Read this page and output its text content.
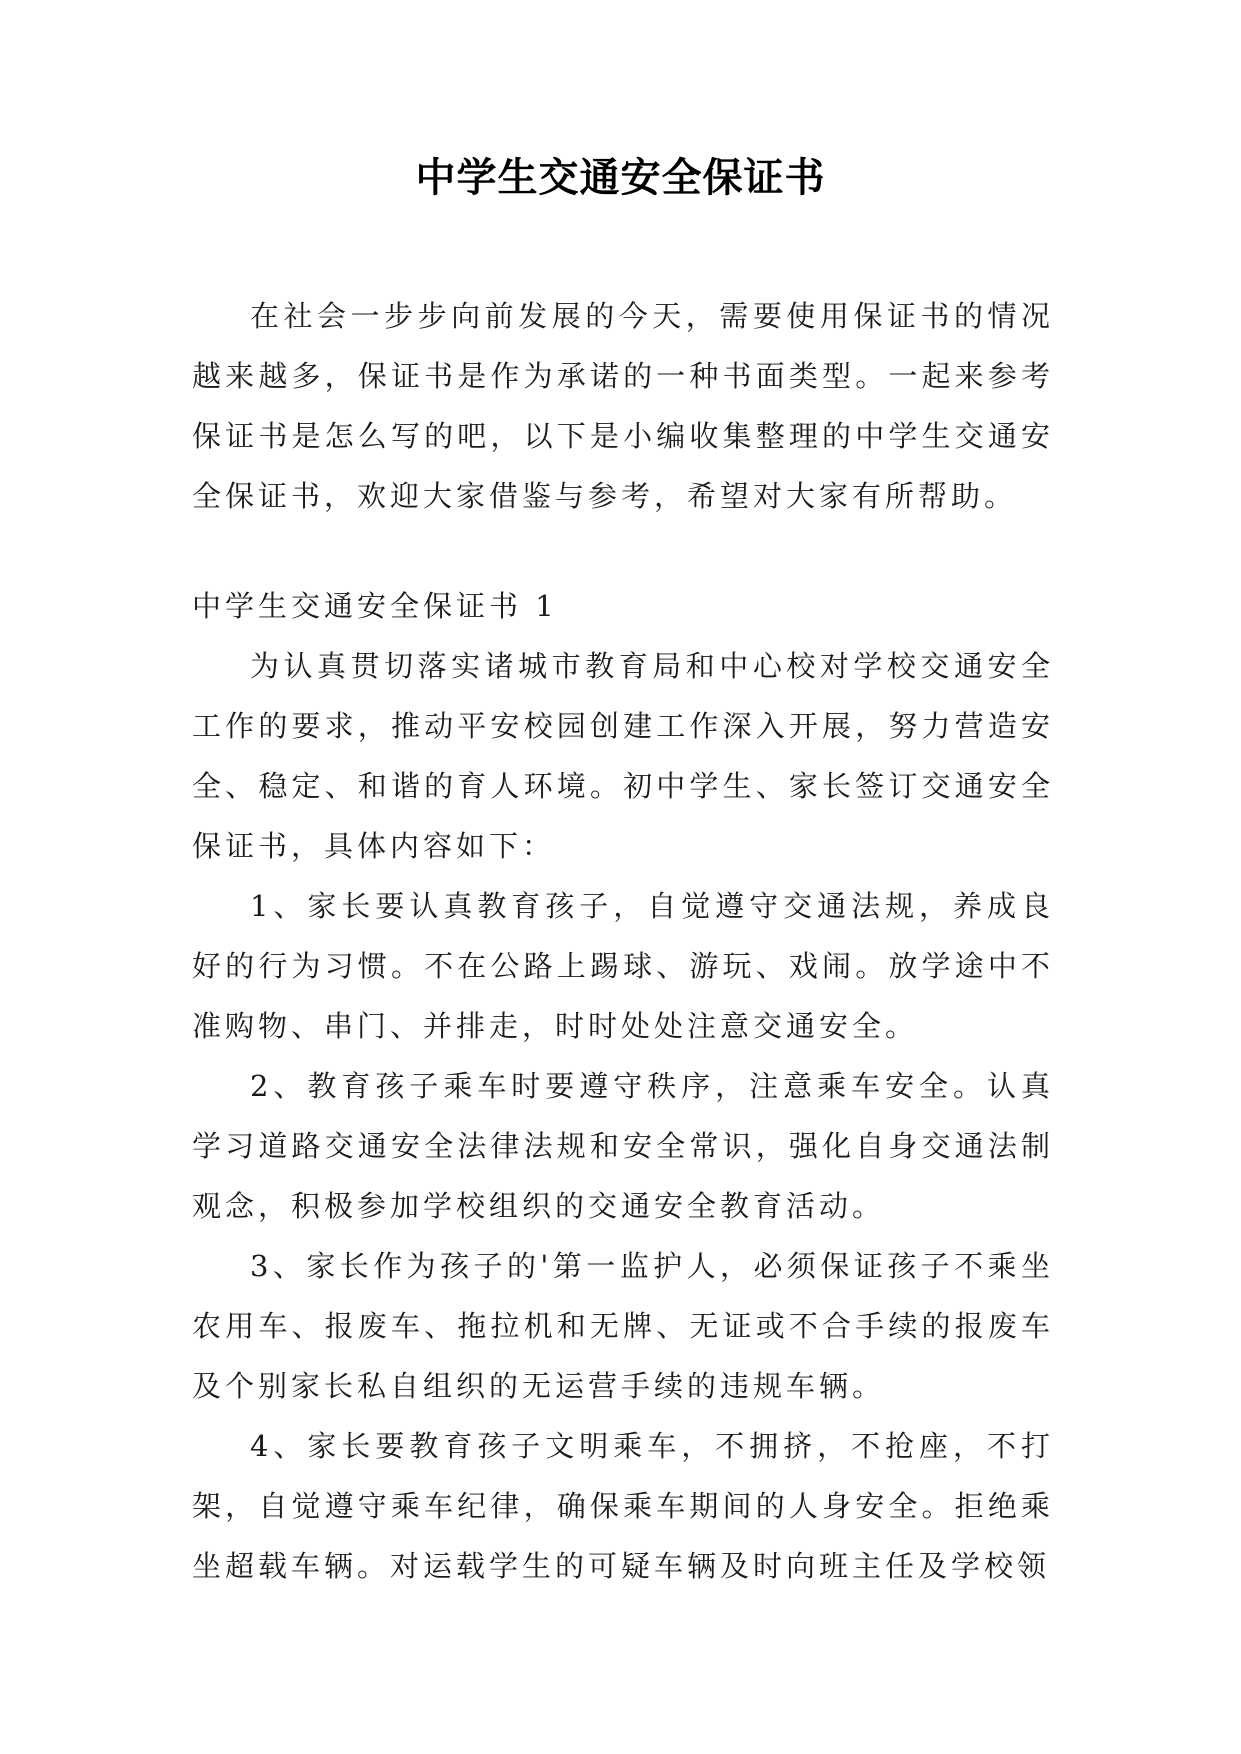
中学生交通安全保证书

在社会一步步向前发展的今天，需要使用保证书的情况越来越多，保证书是作为承诺的一种书面类型。一起来参考保证书是怎么写的吧，以下是小编收集整理的中学生交通安全保证书，欢迎大家借鉴与参考，希望对大家有所帮助。

中学生交通安全保证书 1

为认真贯切落实诸城市教育局和中心校对学校交通安全工作的要求，推动平安校园创建工作深入开展，努力营造安全、稳定、和谐的育人环境。初中学生、家长签订交通安全保证书，具体内容如下：

1、家长要认真教育孩子，自觉遵守交通法规，养成良好的行为习惯。不在公路上踢球、游玩、戏闹。放学途中不准购物、串门、并排走，时时处处注意交通安全。

2、教育孩子乘车时要遵守秩序，注意乘车安全。认真学习道路交通安全法律法规和安全常识，强化自身交通法制观念，积极参加学校组织的交通安全教育活动。

3、家长作为孩子的'第一监护人，必须保证孩子不乘坐农用车、报废车、拖拉机和无牌、无证或不合手续的报废车及个别家长私自组织的无运营手续的违规车辆。

4、家长要教育孩子文明乘车，不拥挤，不抢座，不打架，自觉遵守乘车纪律，确保乘车期间的人身安全。拒绝乘坐超载车辆。对运载学生的可疑车辆及时向班主任及学校领
